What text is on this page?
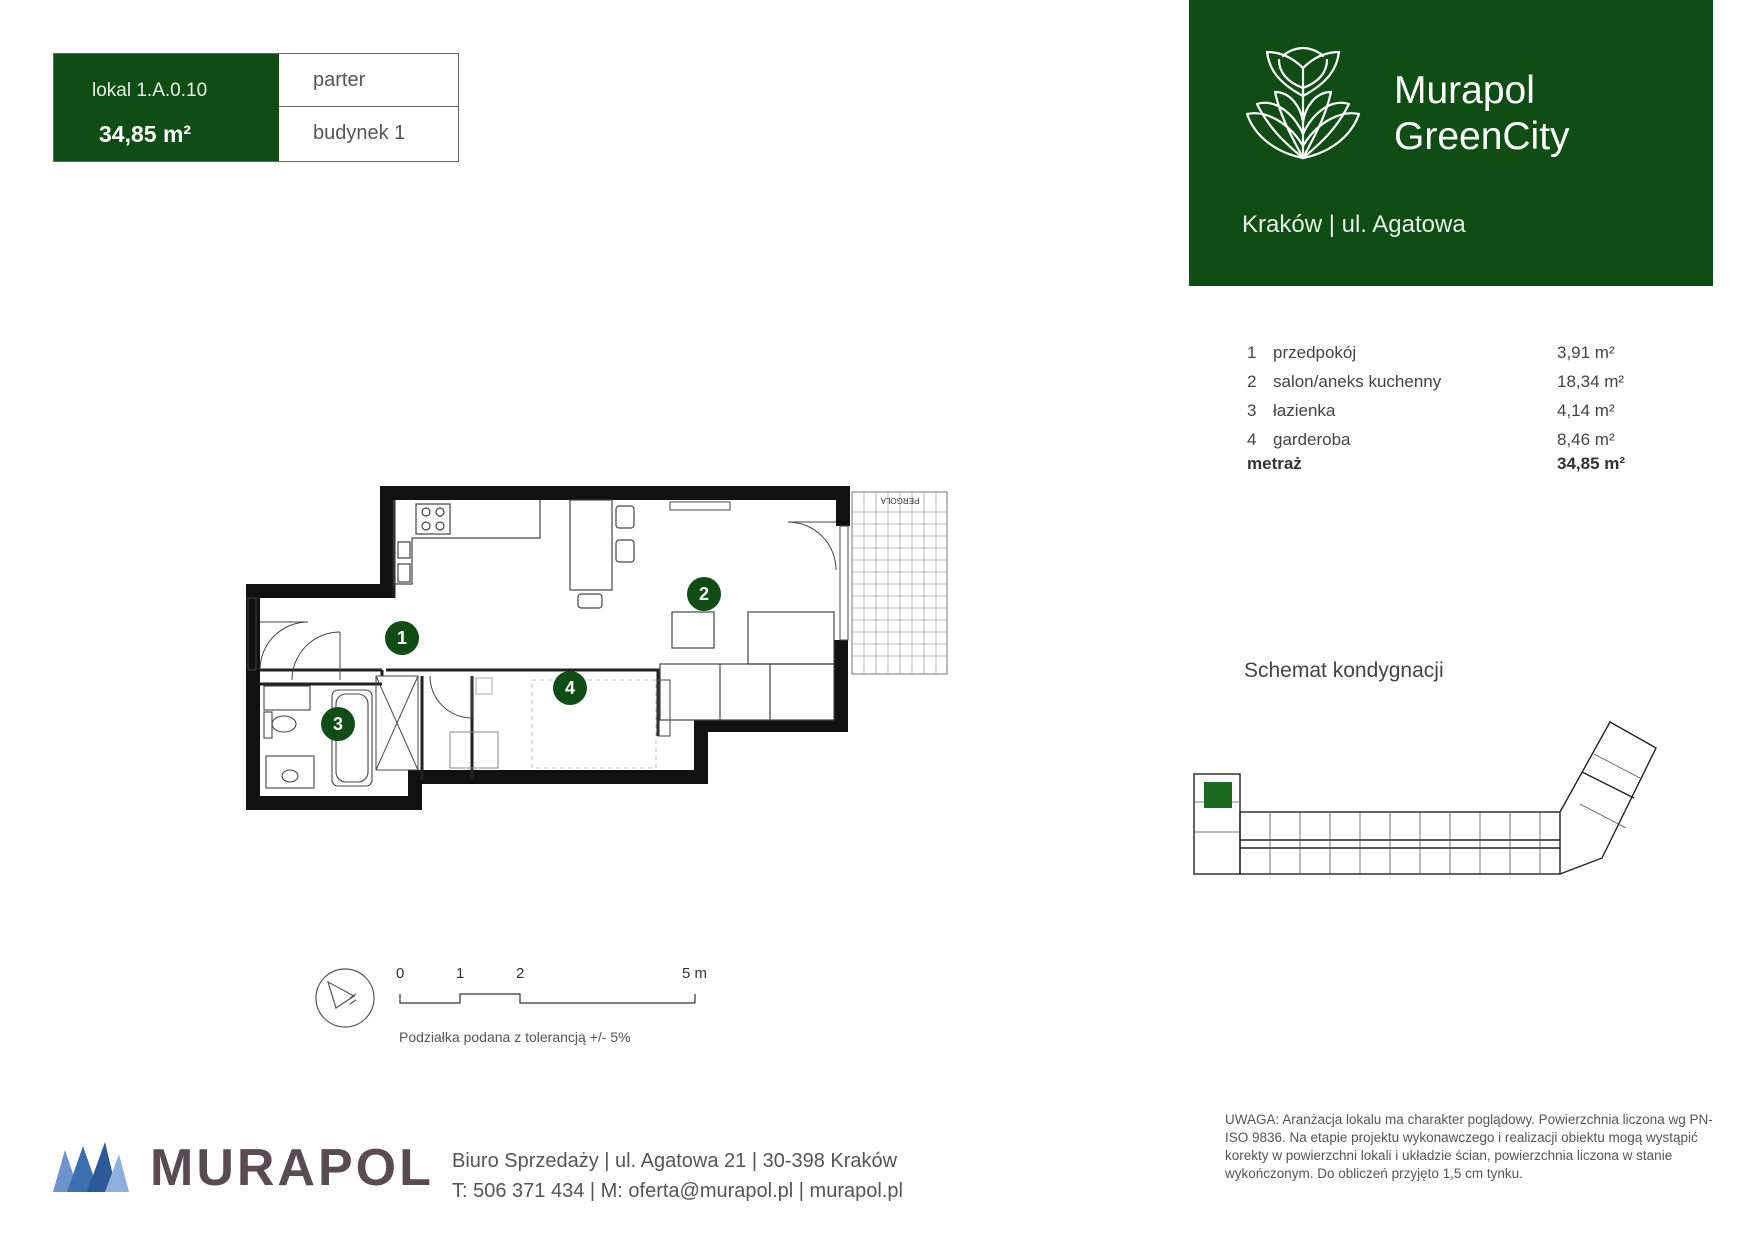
lokal 1.A.0.10
34,85 m²
parter
budynek 1
Murapol
GreenCity
Kraków | ul. Agatowa
1 przedpokój	3,91 m²
2 salon/aneks kuchenny	18,34 m²
3 łazienka	4,14 m²
4 garderoba	8,46 m²
metraż	34,85 m²
PERGOLA
1
2
3
4
Schemat kondygnacji
0	1	2	5 m
Podziałka podana z tolerancją +/- 5%
MURAPOL Biuro Sprzedaży | ul. Agatowa 21 | 30-398 Kraków
T: 506 371 434 | M: oferta@murapol.pl | murapol.pl
UWAGA: Aranżacja lokalu ma charakter poglądowy. Powierzchnia liczona wg PN-ISO 9836. Na etapie projektu wykonawczego i realizacji obiektu mogą wystąpić korekty w powierzchni lokali i układzie ścian, powierzchnia liczona w stanie wykończonym. Do obliczeń przyjęto 1,5 cm tynku.
